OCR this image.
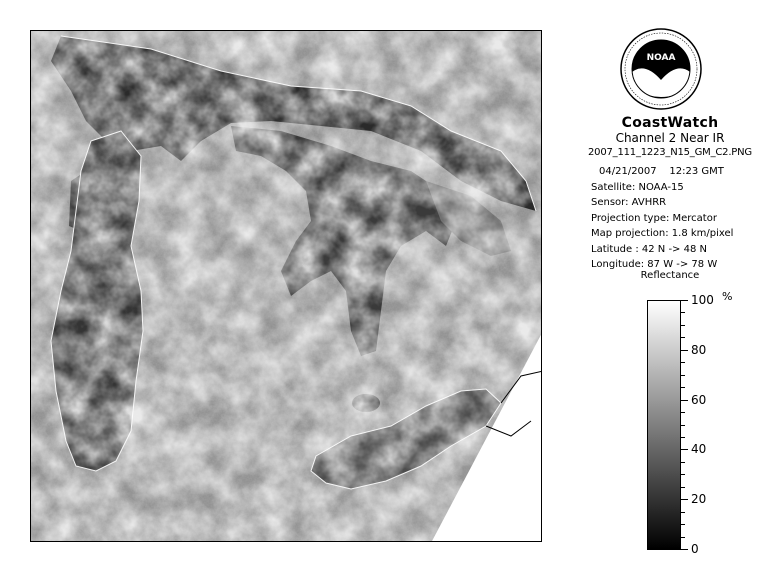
NOAA
CoastWatch
Channel 2 Near IR
2007_111_1223_N15_GM_C2.PNG
04/21/2007 12:23 GMT
Satellite: NOAA-15
Sensor: AVHRR
Projection type: Mercator
Map projection: 1.8 km/pixel
Latitude : 42 N -> 48 N
Longitude: 87 W -> 78 W
Reflectance
%
100
80
60
40
20
0
